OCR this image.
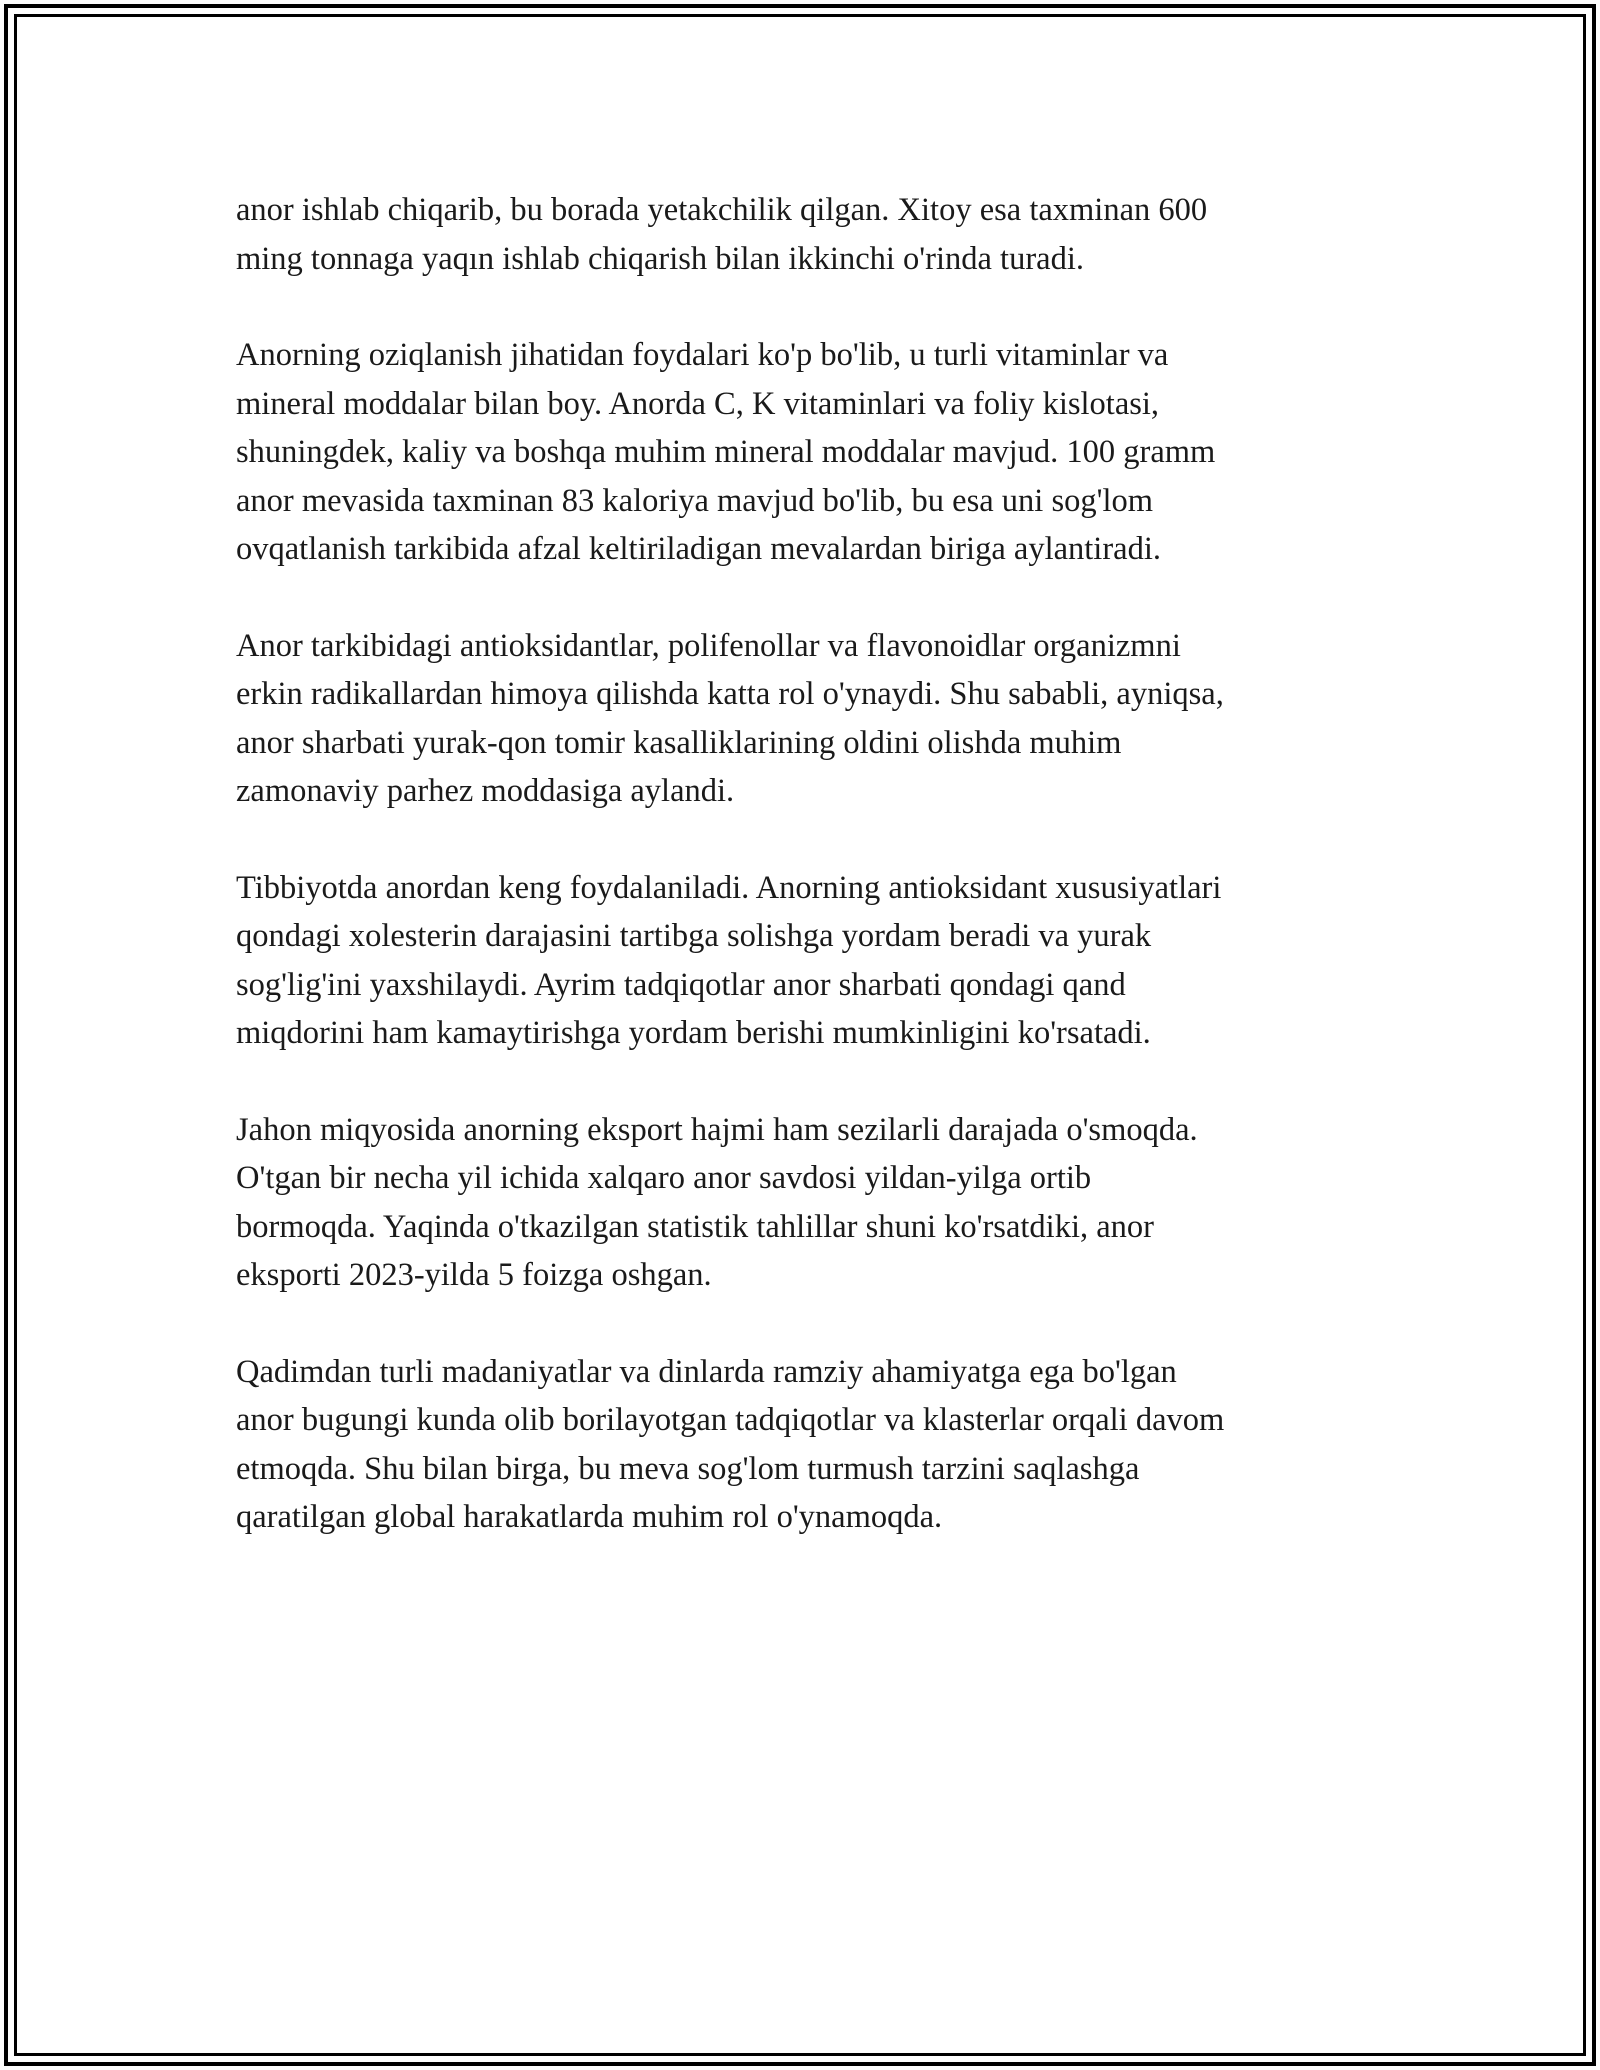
anor ishlab chiqarib, bu borada yetakchilik qilgan. Xitoy esa taxminan 600
ming tonnaga yaqın ishlab chiqarish bilan ikkinchi o'rinda turadi.

Anorning oziqlanish jihatidan foydalari ko'p bo'lib, u turli vitaminlar va
mineral moddalar bilan boy. Anorda C, K vitaminlari va foliy kislotasi,
shuningdek, kaliy va boshqa muhim mineral moddalar mavjud. 100 gramm
anor mevasida taxminan 83 kaloriya mavjud bo'lib, bu esa uni sog'lom
ovqatlanish tarkibida afzal keltiriladigan mevalardan biriga aylantiradi.

Anor tarkibidagi antioksidantlar, polifenollar va flavonoidlar organizmni
erkin radikallardan himoya qilishda katta rol o'ynaydi. Shu sababli, ayniqsa,
anor sharbati yurak-qon tomir kasalliklarining oldini olishda muhim
zamonaviy parhez moddasiga aylandi.

Tibbiyotda anordan keng foydalaniladi. Anorning antioksidant xususiyatlari
qondagi xolesterin darajasini tartibga solishga yordam beradi va yurak
sog'lig'ini yaxshilaydi. Ayrim tadqiqotlar anor sharbati qondagi qand
miqdorini ham kamaytirishga yordam berishi mumkinligini ko'rsatadi.

Jahon miqyosida anorning eksport hajmi ham sezilarli darajada o'smoqda.
O'tgan bir necha yil ichida xalqaro anor savdosi yildan-yilga ortib
bormoqda. Yaqinda o'tkazilgan statistik tahlillar shuni ko'rsatdiki, anor
eksporti 2023-yilda 5 foizga oshgan.

Qadimdan turli madaniyatlar va dinlarda ramziy ahamiyatga ega bo'lgan
anor bugungi kunda olib borilayotgan tadqiqotlar va klasterlar orqali davom
etmoqda. Shu bilan birga, bu meva sog'lom turmush tarzini saqlashga
qaratilgan global harakatlarda muhim rol o'ynamoqda.
